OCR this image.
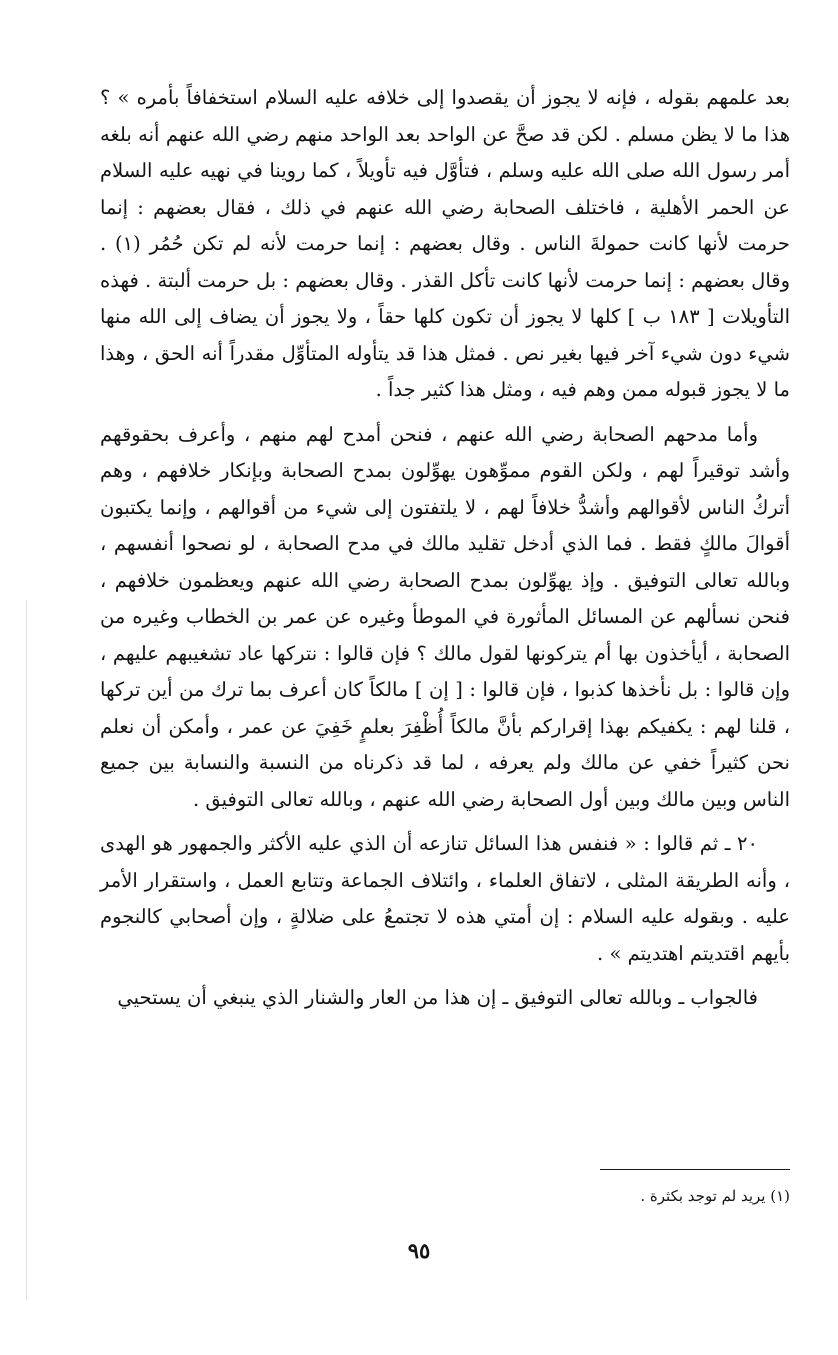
بعد علمهم بقوله ، فإنه لا يجوز أن يقصدوا إلى خلافه عليه السلام استخفافاً بأمره » ؟ هذا ما لا يظن مسلم . لكن قد صحَّ عن الواحد بعد الواحد منهم رضي الله عنهم أنه بلغه أمر رسول الله صلى الله عليه وسلم ، فتأوَّل فيه تأويلاً ، كما روينا في نهيه عليه السلام عن الحمر الأهلية ، فاختلف الصحابة رضي الله عنهم في ذلك ، فقال بعضهم : إنما حرمت لأنها كانت حمولةَ الناس . وقال بعضهم : إنما حرمت لأنه لم تكن حُمُر (١) . وقال بعضهم : إنما حرمت لأنها كانت تأكل القذر . وقال بعضهم : بل حرمت ألبتة . فهذه التأويلات [ ١٨٣ ب ] كلها لا يجوز أن تكون كلها حقاً ، ولا يجوز أن يضاف إلى الله منها شيء دون شيء آخر فيها بغير نص . فمثل هذا قد يتأوله المتأوِّل مقدراً أنه الحق ، وهذا ما لا يجوز قبوله ممن وهم فيه ، ومثل هذا كثير جداً .

وأما مدحهم الصحابة رضي الله عنهم ، فنحن أمدح لهم منهم ، وأعرف بحقوقهم وأشد توقيراً لهم ، ولكن القوم مموِّهون يهوِّلون بمدح الصحابة وبإنكار خلافهم ، وهم أتركُ الناس لأقوالهم وأشدُّ خلافاً لهم ، لا يلتفتون إلى شيء من أقوالهم ، وإنما يكتبون أقوالَ مالكٍ فقط . فما الذي أدخل تقليد مالك في مدح الصحابة ، لو نصحوا أنفسهم ، وبالله تعالى التوفيق . وإذ يهوِّلون بمدح الصحابة رضي الله عنهم ويعظمون خلافهم ، فنحن نسألهم عن المسائل المأثورة في الموطأ وغيره عن عمر بن الخطاب وغيره من الصحابة ، أيأخذون بها أم يتركونها لقول مالك ؟ فإن قالوا : نتركها عاد تشغيبهم عليهم ، وإن قالوا : بل نأخذها كذبوا ، فإن قالوا : [ إن ] مالكاً كان أعرف بما ترك من أين تركها ، قلنا لهم : يكفيكم بهذا إقراركم بأنَّ مالكاً أُظْفِرَ بعلمٍ خَفِيَ عن عمر ، وأمكن أن نعلم نحن كثيراً خفي عن مالك ولم يعرفه ، لما قد ذكرناه من النسبة والنسابة بين جميع الناس وبين مالك وبين أول الصحابة رضي الله عنهم ، وبالله تعالى التوفيق .

٢٠ ـ ثم قالوا : « فنفس هذا السائل تنازعه أن الذي عليه الأكثر والجمهور هو الهدى ، وأنه الطريقة المثلى ، لاتفاق العلماء ، وائتلاف الجماعة وتتابع العمل ، واستقرار الأمر عليه . وبقوله عليه السلام : إن أمتي هذه لا تجتمعُ على ضلالةٍ ، وإن أصحابي كالنجوم بأيهم اقتديتم اهتديتم » .

فالجواب ـ وبالله تعالى التوفيق ـ إن هذا من العار والشنار الذي ينبغي أن يستحيي

(١) يريد لم توجد بكثرة .
٩٥
